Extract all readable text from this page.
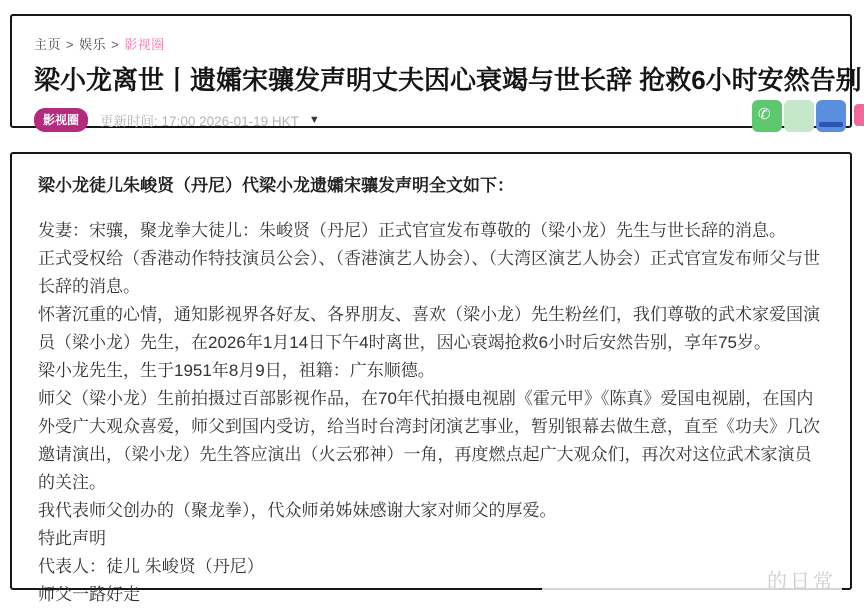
主页 > 娱乐 > 影视圈
梁小龙离世丨遗孀宋骧发声明丈夫因心衰竭与世长辞 抢救6小时安然告别
影视圈	更新时间: 17:00 2026-01-19 HKT ▼
✆
梁小龙徒儿朱峻贤（丹尼）代梁小龙遗孀宋骧发声明全文如下：
发妻：宋骧，聚龙拳大徒儿：朱峻贤（丹尼）正式官宣发布尊敬的（梁小龙）先生与世长辞的消息。
正式受权给（香港动作特技演员公会）、（香港演艺人协会）、（大湾区演艺人协会）正式官宣发布师父与世长辞的消息。
怀著沉重的心情，通知影视界各好友、各界朋友、喜欢（梁小龙）先生粉丝们，我们尊敬的武术家爱国演员（梁小龙）先生，在2026年1月14日下午4时离世，因心衰竭抢救6小时后安然告别，享年75岁。
梁小龙先生，生于1951年8月9日，祖籍：广东顺德。
师父（梁小龙）生前拍摄过百部影视作品，在70年代拍摄电视剧《霍元甲》《陈真》爱国电视剧，在国内外受广大观众喜爱，师父到国内受访，给当时台湾封闭演艺事业，暂别银幕去做生意，直至《功夫》几次邀请演出，（梁小龙）先生答应演出（火云邪神）一角，再度燃点起广大观众们，再次对这位武术家演员的关注。
我代表师父创办的（聚龙拳），代众师弟姊妹感谢大家对师父的厚爱。
特此声明
代表人：徒儿 朱峻贤（丹尼）
师父一路好走
的日常
